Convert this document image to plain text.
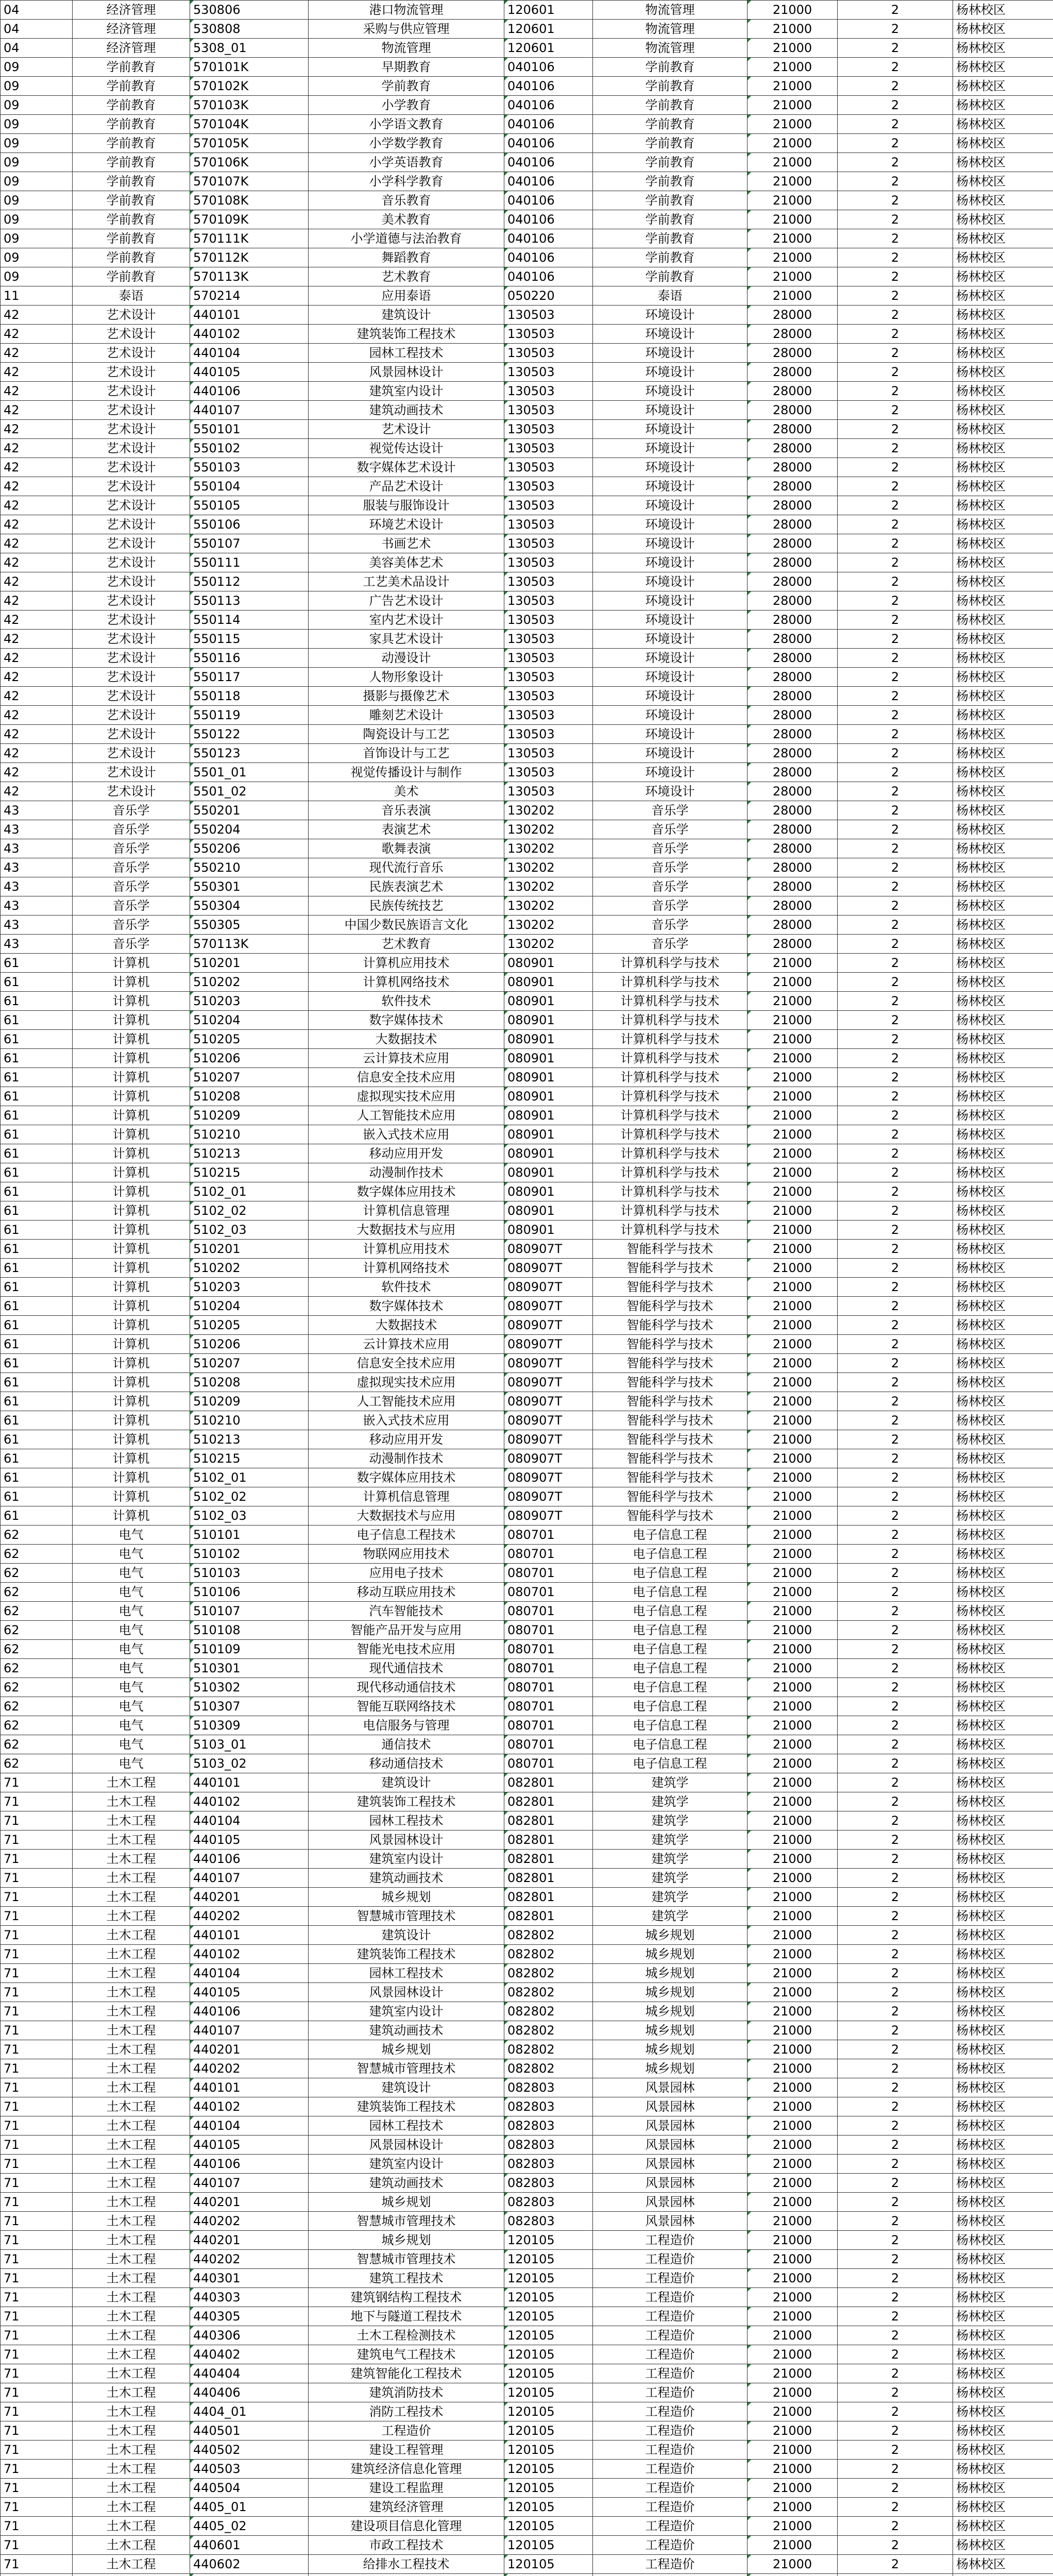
04	经济管理	530806	港口物流管理	120601	物流管理	21000	2	杨林校区
04	经济管理	530808	采购与供应管理	120601	物流管理	21000	2	杨林校区
04	经济管理	5308_01	物流管理	120601	物流管理	21000	2	杨林校区
09	学前教育	570101K	早期教育	040106	学前教育	21000	2	杨林校区
09	学前教育	570102K	学前教育	040106	学前教育	21000	2	杨林校区
09	学前教育	570103K	小学教育	040106	学前教育	21000	2	杨林校区
09	学前教育	570104K	小学语文教育	040106	学前教育	21000	2	杨林校区
09	学前教育	570105K	小学数学教育	040106	学前教育	21000	2	杨林校区
09	学前教育	570106K	小学英语教育	040106	学前教育	21000	2	杨林校区
09	学前教育	570107K	小学科学教育	040106	学前教育	21000	2	杨林校区
09	学前教育	570108K	音乐教育	040106	学前教育	21000	2	杨林校区
09	学前教育	570109K	美术教育	040106	学前教育	21000	2	杨林校区
09	学前教育	570111K	小学道德与法治教育	040106	学前教育	21000	2	杨林校区
09	学前教育	570112K	舞蹈教育	040106	学前教育	21000	2	杨林校区
09	学前教育	570113K	艺术教育	040106	学前教育	21000	2	杨林校区
11	泰语	570214	应用泰语	050220	泰语	21000	2	杨林校区
42	艺术设计	440101	建筑设计	130503	环境设计	28000	2	杨林校区
42	艺术设计	440102	建筑装饰工程技术	130503	环境设计	28000	2	杨林校区
42	艺术设计	440104	园林工程技术	130503	环境设计	28000	2	杨林校区
42	艺术设计	440105	风景园林设计	130503	环境设计	28000	2	杨林校区
42	艺术设计	440106	建筑室内设计	130503	环境设计	28000	2	杨林校区
42	艺术设计	440107	建筑动画技术	130503	环境设计	28000	2	杨林校区
42	艺术设计	550101	艺术设计	130503	环境设计	28000	2	杨林校区
42	艺术设计	550102	视觉传达设计	130503	环境设计	28000	2	杨林校区
42	艺术设计	550103	数字媒体艺术设计	130503	环境设计	28000	2	杨林校区
42	艺术设计	550104	产品艺术设计	130503	环境设计	28000	2	杨林校区
42	艺术设计	550105	服装与服饰设计	130503	环境设计	28000	2	杨林校区
42	艺术设计	550106	环境艺术设计	130503	环境设计	28000	2	杨林校区
42	艺术设计	550107	书画艺术	130503	环境设计	28000	2	杨林校区
42	艺术设计	550111	美容美体艺术	130503	环境设计	28000	2	杨林校区
42	艺术设计	550112	工艺美术品设计	130503	环境设计	28000	2	杨林校区
42	艺术设计	550113	广告艺术设计	130503	环境设计	28000	2	杨林校区
42	艺术设计	550114	室内艺术设计	130503	环境设计	28000	2	杨林校区
42	艺术设计	550115	家具艺术设计	130503	环境设计	28000	2	杨林校区
42	艺术设计	550116	动漫设计	130503	环境设计	28000	2	杨林校区
42	艺术设计	550117	人物形象设计	130503	环境设计	28000	2	杨林校区
42	艺术设计	550118	摄影与摄像艺术	130503	环境设计	28000	2	杨林校区
42	艺术设计	550119	雕刻艺术设计	130503	环境设计	28000	2	杨林校区
42	艺术设计	550122	陶瓷设计与工艺	130503	环境设计	28000	2	杨林校区
42	艺术设计	550123	首饰设计与工艺	130503	环境设计	28000	2	杨林校区
42	艺术设计	5501_01	视觉传播设计与制作	130503	环境设计	28000	2	杨林校区
42	艺术设计	5501_02	美术	130503	环境设计	28000	2	杨林校区
43	音乐学	550201	音乐表演	130202	音乐学	28000	2	杨林校区
43	音乐学	550204	表演艺术	130202	音乐学	28000	2	杨林校区
43	音乐学	550206	歌舞表演	130202	音乐学	28000	2	杨林校区
43	音乐学	550210	现代流行音乐	130202	音乐学	28000	2	杨林校区
43	音乐学	550301	民族表演艺术	130202	音乐学	28000	2	杨林校区
43	音乐学	550304	民族传统技艺	130202	音乐学	28000	2	杨林校区
43	音乐学	550305	中国少数民族语言文化	130202	音乐学	28000	2	杨林校区
43	音乐学	570113K	艺术教育	130202	音乐学	28000	2	杨林校区
61	计算机	510201	计算机应用技术	080901	计算机科学与技术	21000	2	杨林校区
61	计算机	510202	计算机网络技术	080901	计算机科学与技术	21000	2	杨林校区
61	计算机	510203	软件技术	080901	计算机科学与技术	21000	2	杨林校区
61	计算机	510204	数字媒体技术	080901	计算机科学与技术	21000	2	杨林校区
61	计算机	510205	大数据技术	080901	计算机科学与技术	21000	2	杨林校区
61	计算机	510206	云计算技术应用	080901	计算机科学与技术	21000	2	杨林校区
61	计算机	510207	信息安全技术应用	080901	计算机科学与技术	21000	2	杨林校区
61	计算机	510208	虚拟现实技术应用	080901	计算机科学与技术	21000	2	杨林校区
61	计算机	510209	人工智能技术应用	080901	计算机科学与技术	21000	2	杨林校区
61	计算机	510210	嵌入式技术应用	080901	计算机科学与技术	21000	2	杨林校区
61	计算机	510213	移动应用开发	080901	计算机科学与技术	21000	2	杨林校区
61	计算机	510215	动漫制作技术	080901	计算机科学与技术	21000	2	杨林校区
61	计算机	5102_01	数字媒体应用技术	080901	计算机科学与技术	21000	2	杨林校区
61	计算机	5102_02	计算机信息管理	080901	计算机科学与技术	21000	2	杨林校区
61	计算机	5102_03	大数据技术与应用	080901	计算机科学与技术	21000	2	杨林校区
61	计算机	510201	计算机应用技术	080907T	智能科学与技术	21000	2	杨林校区
61	计算机	510202	计算机网络技术	080907T	智能科学与技术	21000	2	杨林校区
61	计算机	510203	软件技术	080907T	智能科学与技术	21000	2	杨林校区
61	计算机	510204	数字媒体技术	080907T	智能科学与技术	21000	2	杨林校区
61	计算机	510205	大数据技术	080907T	智能科学与技术	21000	2	杨林校区
61	计算机	510206	云计算技术应用	080907T	智能科学与技术	21000	2	杨林校区
61	计算机	510207	信息安全技术应用	080907T	智能科学与技术	21000	2	杨林校区
61	计算机	510208	虚拟现实技术应用	080907T	智能科学与技术	21000	2	杨林校区
61	计算机	510209	人工智能技术应用	080907T	智能科学与技术	21000	2	杨林校区
61	计算机	510210	嵌入式技术应用	080907T	智能科学与技术	21000	2	杨林校区
61	计算机	510213	移动应用开发	080907T	智能科学与技术	21000	2	杨林校区
61	计算机	510215	动漫制作技术	080907T	智能科学与技术	21000	2	杨林校区
61	计算机	5102_01	数字媒体应用技术	080907T	智能科学与技术	21000	2	杨林校区
61	计算机	5102_02	计算机信息管理	080907T	智能科学与技术	21000	2	杨林校区
61	计算机	5102_03	大数据技术与应用	080907T	智能科学与技术	21000	2	杨林校区
62	电气	510101	电子信息工程技术	080701	电子信息工程	21000	2	杨林校区
62	电气	510102	物联网应用技术	080701	电子信息工程	21000	2	杨林校区
62	电气	510103	应用电子技术	080701	电子信息工程	21000	2	杨林校区
62	电气	510106	移动互联应用技术	080701	电子信息工程	21000	2	杨林校区
62	电气	510107	汽车智能技术	080701	电子信息工程	21000	2	杨林校区
62	电气	510108	智能产品开发与应用	080701	电子信息工程	21000	2	杨林校区
62	电气	510109	智能光电技术应用	080701	电子信息工程	21000	2	杨林校区
62	电气	510301	现代通信技术	080701	电子信息工程	21000	2	杨林校区
62	电气	510302	现代移动通信技术	080701	电子信息工程	21000	2	杨林校区
62	电气	510307	智能互联网络技术	080701	电子信息工程	21000	2	杨林校区
62	电气	510309	电信服务与管理	080701	电子信息工程	21000	2	杨林校区
62	电气	5103_01	通信技术	080701	电子信息工程	21000	2	杨林校区
62	电气	5103_02	移动通信技术	080701	电子信息工程	21000	2	杨林校区
71	土木工程	440101	建筑设计	082801	建筑学	21000	2	杨林校区
71	土木工程	440102	建筑装饰工程技术	082801	建筑学	21000	2	杨林校区
71	土木工程	440104	园林工程技术	082801	建筑学	21000	2	杨林校区
71	土木工程	440105	风景园林设计	082801	建筑学	21000	2	杨林校区
71	土木工程	440106	建筑室内设计	082801	建筑学	21000	2	杨林校区
71	土木工程	440107	建筑动画技术	082801	建筑学	21000	2	杨林校区
71	土木工程	440201	城乡规划	082801	建筑学	21000	2	杨林校区
71	土木工程	440202	智慧城市管理技术	082801	建筑学	21000	2	杨林校区
71	土木工程	440101	建筑设计	082802	城乡规划	21000	2	杨林校区
71	土木工程	440102	建筑装饰工程技术	082802	城乡规划	21000	2	杨林校区
71	土木工程	440104	园林工程技术	082802	城乡规划	21000	2	杨林校区
71	土木工程	440105	风景园林设计	082802	城乡规划	21000	2	杨林校区
71	土木工程	440106	建筑室内设计	082802	城乡规划	21000	2	杨林校区
71	土木工程	440107	建筑动画技术	082802	城乡规划	21000	2	杨林校区
71	土木工程	440201	城乡规划	082802	城乡规划	21000	2	杨林校区
71	土木工程	440202	智慧城市管理技术	082802	城乡规划	21000	2	杨林校区
71	土木工程	440101	建筑设计	082803	风景园林	21000	2	杨林校区
71	土木工程	440102	建筑装饰工程技术	082803	风景园林	21000	2	杨林校区
71	土木工程	440104	园林工程技术	082803	风景园林	21000	2	杨林校区
71	土木工程	440105	风景园林设计	082803	风景园林	21000	2	杨林校区
71	土木工程	440106	建筑室内设计	082803	风景园林	21000	2	杨林校区
71	土木工程	440107	建筑动画技术	082803	风景园林	21000	2	杨林校区
71	土木工程	440201	城乡规划	082803	风景园林	21000	2	杨林校区
71	土木工程	440202	智慧城市管理技术	082803	风景园林	21000	2	杨林校区
71	土木工程	440201	城乡规划	120105	工程造价	21000	2	杨林校区
71	土木工程	440202	智慧城市管理技术	120105	工程造价	21000	2	杨林校区
71	土木工程	440301	建筑工程技术	120105	工程造价	21000	2	杨林校区
71	土木工程	440303	建筑钢结构工程技术	120105	工程造价	21000	2	杨林校区
71	土木工程	440305	地下与隧道工程技术	120105	工程造价	21000	2	杨林校区
71	土木工程	440306	土木工程检测技术	120105	工程造价	21000	2	杨林校区
71	土木工程	440402	建筑电气工程技术	120105	工程造价	21000	2	杨林校区
71	土木工程	440404	建筑智能化工程技术	120105	工程造价	21000	2	杨林校区
71	土木工程	440406	建筑消防技术	120105	工程造价	21000	2	杨林校区
71	土木工程	4404_01	消防工程技术	120105	工程造价	21000	2	杨林校区
71	土木工程	440501	工程造价	120105	工程造价	21000	2	杨林校区
71	土木工程	440502	建设工程管理	120105	工程造价	21000	2	杨林校区
71	土木工程	440503	建筑经济信息化管理	120105	工程造价	21000	2	杨林校区
71	土木工程	440504	建设工程监理	120105	工程造价	21000	2	杨林校区
71	土木工程	4405_01	建筑经济管理	120105	工程造价	21000	2	杨林校区
71	土木工程	4405_02	建设项目信息化管理	120105	工程造价	21000	2	杨林校区
71	土木工程	440601	市政工程技术	120105	工程造价	21000	2	杨林校区
71	土木工程	440602	给排水工程技术	120105	工程造价	21000	2	杨林校区
